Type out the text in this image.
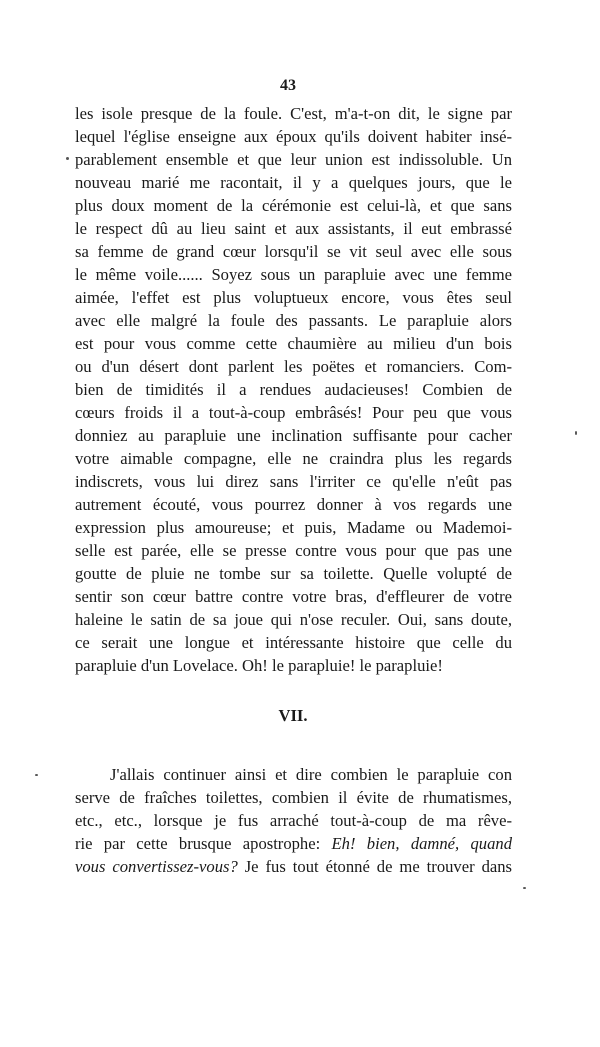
43
les isole presque de la foule. C'est, m'a-t-on dit, le signe par
lequel l'église enseigne aux époux qu'ils doivent habiter insé-
parablement ensemble et que leur union est indissoluble. Un
nouveau marié me racontait, il y a quelques jours, que le
plus doux moment de la cérémonie est celui-là, et que sans
le respect dû au lieu saint et aux assistants, il eut embrassé
sa femme de grand cœur lorsqu'il se vit seul avec elle sous
le même voile...... Soyez sous un parapluie avec une femme
aimée, l'effet est plus voluptueux encore, vous êtes seul
avec elle malgré la foule des passants. Le parapluie alors
est pour vous comme cette chaumière au milieu d'un bois
ou d'un désert dont parlent les poëtes et romanciers. Com-
bien de timidités il a rendues audacieuses! Combien de
cœurs froids il a tout-à-coup embrâsés! Pour peu que vous
donniez au parapluie une inclination suffisante pour cacher
votre aimable compagne, elle ne craindra plus les regards
indiscrets, vous lui direz sans l'irriter ce qu'elle n'eût pas
autrement écouté, vous pourrez donner à vos regards une
expression plus amoureuse; et puis, Madame ou Mademoi-
selle est parée, elle se presse contre vous pour que pas une
goutte de pluie ne tombe sur sa toilette. Quelle volupté de
sentir son cœur battre contre votre bras, d'effleurer de votre
haleine le satin de sa joue qui n'ose reculer. Oui, sans doute,
ce serait une longue et intéressante histoire que celle du
parapluie d'un Lovelace. Oh! le parapluie! le parapluie!
VII.
J'allais continuer ainsi et dire combien le parapluie con
serve de fraîches toilettes, combien il évite de rhumatismes,
etc., etc., lorsque je fus arraché tout-à-coup de ma rêve-
rie par cette brusque apostrophe: Eh! bien, damné, quand
vous convertissez-vous? Je fus tout étonné de me trouver dans
